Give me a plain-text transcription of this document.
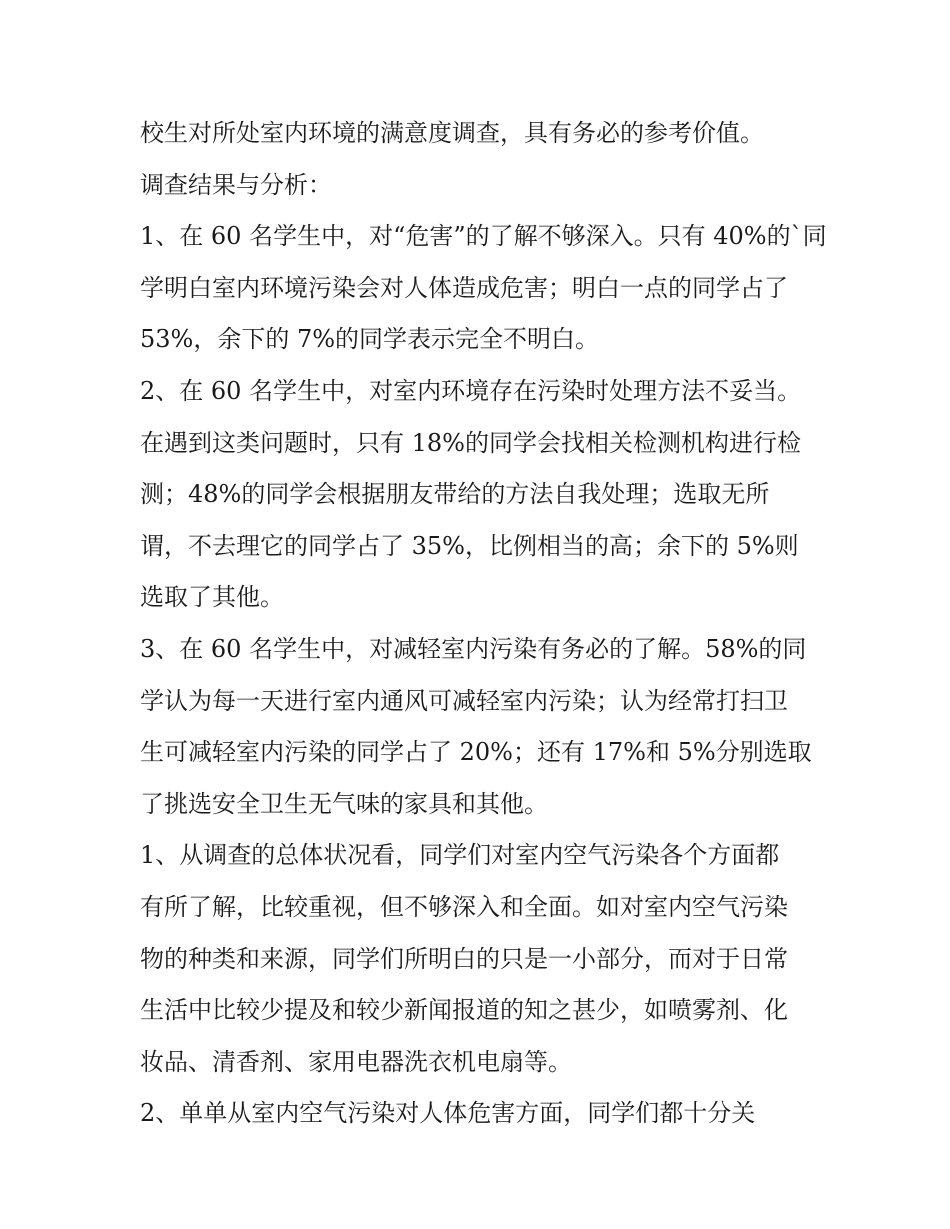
校生对所处室内环境的满意度调查，具有务必的参考价值。
调查结果与分析：
1、在 60 名学生中，对“危害”的了解不够深入。只有 40%的`同
学明白室内环境污染会对人体造成危害；明白一点的同学占了
53%，余下的 7%的同学表示完全不明白。
2、在 60 名学生中，对室内环境存在污染时处理方法不妥当。
在遇到这类问题时，只有 18%的同学会找相关检测机构进行检
测；48%的同学会根据朋友带给的方法自我处理；选取无所
谓，不去理它的同学占了 35%，比例相当的高；余下的 5%则
选取了其他。
3、在 60 名学生中，对减轻室内污染有务必的了解。58%的同
学认为每一天进行室内通风可减轻室内污染；认为经常打扫卫
生可减轻室内污染的同学占了 20%；还有 17%和 5%分别选取
了挑选安全卫生无气味的家具和其他。
1、从调查的总体状况看，同学们对室内空气污染各个方面都
有所了解，比较重视，但不够深入和全面。如对室内空气污染
物的种类和来源，同学们所明白的只是一小部分，而对于日常
生活中比较少提及和较少新闻报道的知之甚少，如喷雾剂、化
妆品、清香剂、家用电器洗衣机电扇等。
2、单单从室内空气污染对人体危害方面，同学们都十分关
